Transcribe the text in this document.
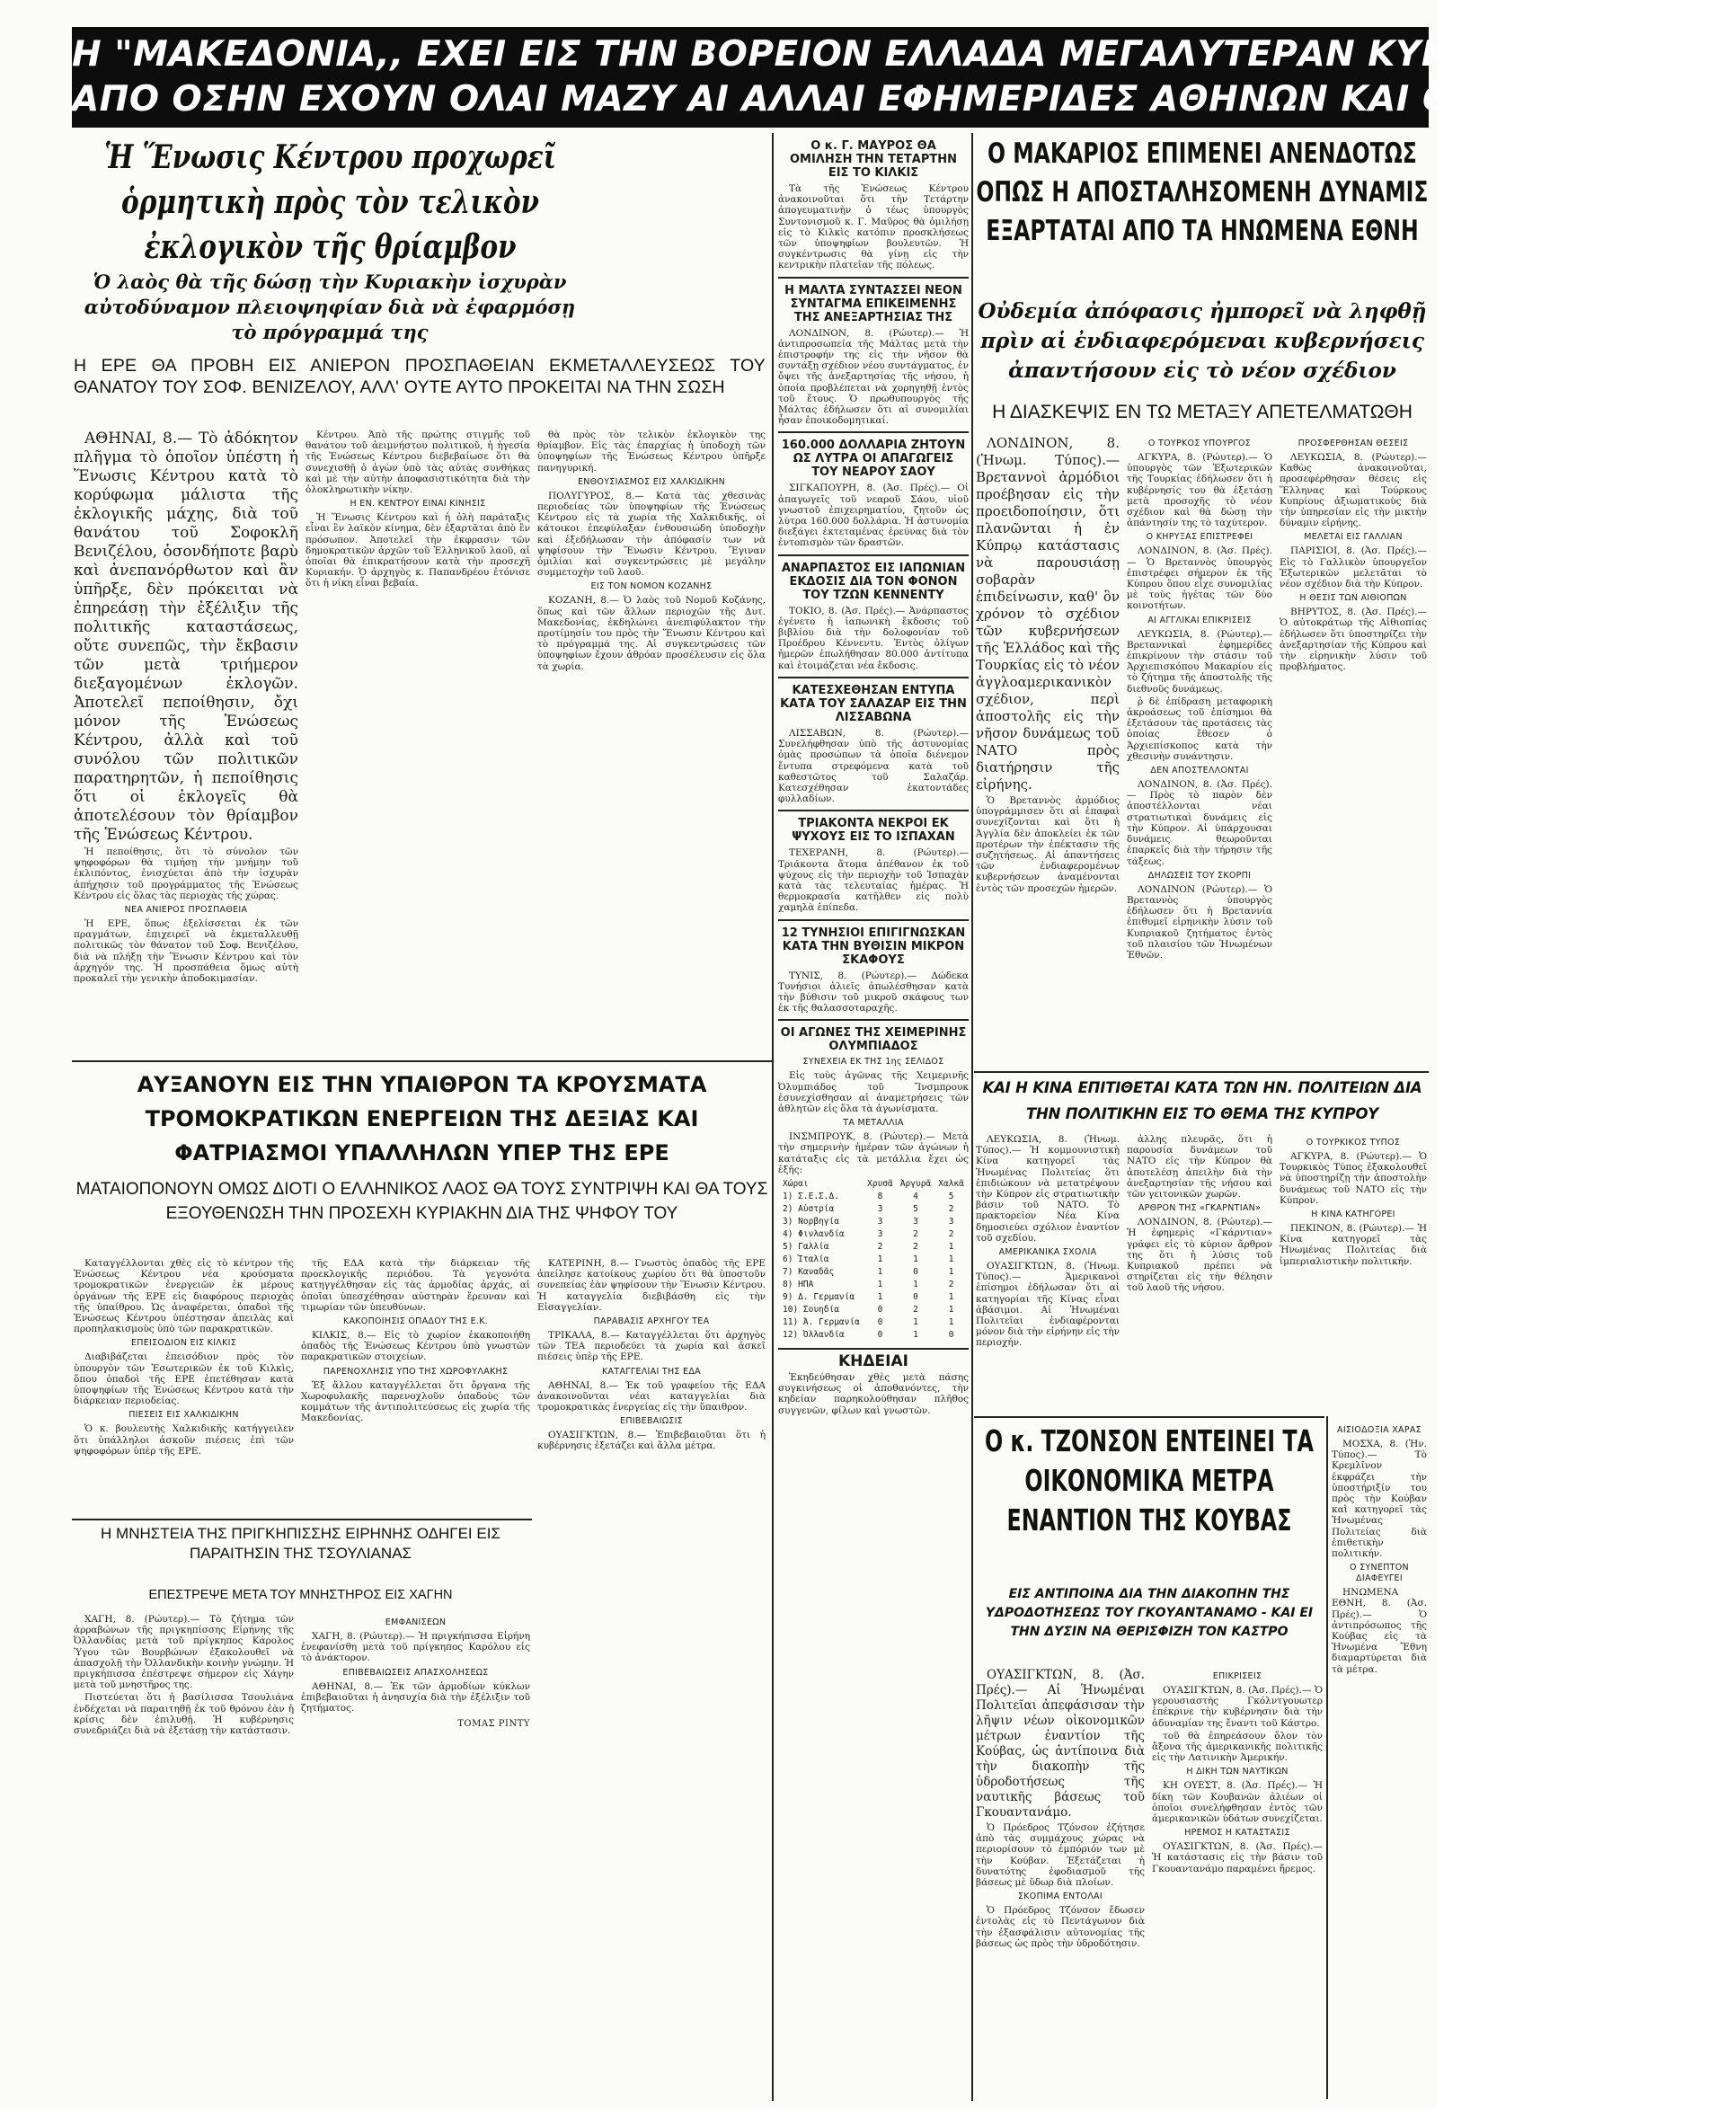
Η "ΜΑΚΕΔΟΝΙΑ,, ΕΧΕΙ ΕΙΣ ΤΗΝ ΒΟΡΕΙΟΝ ΕΛΛΑΔΑ ΜΕΓΑΛΥΤΕΡΑΝ ΚΥΚΛΟΦΟΡΙΑΝ
ΑΠΟ ΟΣΗΝ ΕΧΟΥΝ ΟΛΑΙ ΜΑΖΥ ΑΙ ΑΛΛΑΙ ΕΦΗΜΕΡΙΔΕΣ ΑΘΗΝΩΝ ΚΑΙ ΘΕΣΣΑΛΟΝΙΚΗΣ
Ἡ Ἕνωσις Κέντρου προχωρεῖ ὁρμητικὴ πρὸς τὸν τελικὸν ἐκλογικὸν τῆς θρίαμβον
Ὁ λαὸς θὰ τῆς δώσῃ τὴν Κυριακὴν ἰσχυρὰν αὐτοδύναμον πλειοψηφίαν διὰ νὰ ἐφαρμόσῃ τὸ πρόγραμμά της
Η ΕΡΕ ΘΑ ΠΡΟΒΗ ΕΙΣ ΑΝΙΕΡΟΝ ΠΡΟΣΠΑΘΕΙΑΝ ΕΚΜΕΤΑΛΛΕΥΣΕΩΣ ΤΟΥ ΘΑΝΑΤΟΥ ΤΟΥ ΣΟΦ. ΒΕΝΙΖΕΛΟΥ, ΑΛΛ' ΟΥΤΕ ΑΥΤΟ ΠΡΟΚΕΙΤΑΙ ΝΑ ΤΗΝ ΣΩΣΗ

ΑΘΗΝΑΙ, 8.— Τὸ ἀδόκητον πλῆγμα τὸ ὁποῖον ὑπέστη ἡ Ἕνωσις Κέντρου κατὰ τὸ κορύφωμα μάλιστα τῆς ἐκλογικῆς μάχης, διὰ τοῦ θανάτου τοῦ Σοφοκλῆ Βενιζέλου, ὁσονδήποτε βαρὺ καὶ ἀνεπανόρθωτον καὶ ἂν ὑπῆρξε, δὲν πρόκειται νὰ ἐπηρεάσῃ τὴν ἐξέλιξιν τῆς πολιτικῆς καταστάσεως, οὔτε συνεπῶς, τὴν ἔκβασιν τῶν μετὰ τριήμερον διεξαγομένων ἐκλογῶν. Ἀποτελεῖ πεποίθησιν, ὄχι μόνον τῆς Ἑνώσεως Κέντρου, ἀλλὰ καὶ τοῦ συνόλου τῶν πολιτικῶν παρατηρητῶν, ἡ πεποίθησις ὅτι οἱ ἐκλογεῖς θὰ ἀποτελέσουν τὸν θρίαμβον τῆς Ἑνώσεως Κέντρου.

Ἡ πεποίθησις, ὅτι τὸ σύνολον τῶν ψηφοφόρων θὰ τιμήσῃ τὴν μνήμην τοῦ ἐκλιπόντος, ἐνισχύεται ἀπὸ τὴν ἰσχυρὰν ἀπήχησιν τοῦ προγράμματος τῆς Ἑνώσεως Κέντρου εἰς ὅλας τὰς περιοχὰς τῆς χώρας.

ΝΕΑ ΑΝΙΕΡΟΣ ΠΡΟΣΠΑΘΕΙΑ

Ἡ ΕΡΕ, ὅπως ἐξελίσσεται ἐκ τῶν πραγμάτων, ἐπιχειρεῖ νὰ ἐκμεταλλευθῇ πολιτικῶς τὸν θάνατον τοῦ Σοφ. Βενιζέλου, διὰ νὰ πλήξῃ τὴν Ἕνωσιν Κέντρου καὶ τὸν ἀρχηγόν της. Ἡ προσπάθεια ὅμως αὐτὴ προκαλεῖ τὴν γενικὴν ἀποδοκιμασίαν.

Κέντρου. Ἀπὸ τῆς πρώτης στιγμῆς τοῦ θανάτου τοῦ ἀειμνήστου πολιτικοῦ, ἡ ἡγεσία τῆς Ἑνώσεως Κέντρου διεβεβαίωσε ὅτι θὰ συνεχισθῇ ὁ ἀγὼν ὑπὸ τὰς αὐτὰς συνθήκας καὶ μὲ τὴν αὐτὴν ἀποφασιστικότητα διὰ τὴν ὁλοκληρωτικὴν νίκην.

Η ΕΝ. ΚΕΝΤΡΟΥ ΕΙΝΑΙ ΚΙΝΗΣΙΣ

Ἡ Ἕνωσις Κέντρου καὶ ἡ ὁλὴ παράταξις εἶναι ἓν λαϊκὸν κίνημα, δὲν ἐξαρτᾶται ἀπὸ ἓν πρόσωπον. Ἀποτελεῖ τὴν ἐκφρασιν τῶν δημοκρατικῶν ἀρχῶν τοῦ Ἑλληνικοῦ λαοῦ, αἱ ὁποῖαι θὰ ἐπικρατήσουν κατὰ τὴν προσεχῆ Κυριακήν. Ὁ ἀρχηγὸς κ. Παπανδρέου ἐτόνισε ὅτι ἡ νίκη εἶναι βεβαία.

θὰ πρὸς τὸν τελικὸν ἐκλογικὸν της θρίαμβον. Εἰς τὰς ἐπαρχίας ἡ ὑποδοχὴ τῶν ὑποψηφίων τῆς Ἑνώσεως Κέντρου ὑπῆρξε πανηγυρική.

ΕΝΘΟΥΣΙΑΣΜΟΣ ΕΙΣ ΧΑΛΚΙΔΙΚΗΝ

ΠΟΛΥΓΥΡΟΣ, 8.— Κατὰ τὰς χθεσινὰς περιοδείας τῶν ὑποψηφίων τῆς Ἑνώσεως Κέντρου εἰς τὰ χωρία τῆς Χαλκιδικῆς, οἱ κάτοικοι ἐπεφύλαξαν ἐνθουσιώδη ὑποδοχὴν καὶ ἐξεδήλωσαν τὴν ἀπόφασίν των νὰ ψηφίσουν τὴν Ἕνωσιν Κέντρου. Ἔγιναν ὁμιλίαι καὶ συγκεντρώσεις μὲ μεγάλην συμμετοχὴν τοῦ λαοῦ.

ΕΙΣ ΤΟΝ ΝΟΜΟΝ ΚΟΖΑΝΗΣ

ΚΟΖΑΝΗ, 8.— Ὁ λαὸς τοῦ Νομοῦ Κοζάνης, ὅπως καὶ τῶν ἄλλων περιοχῶν τῆς Δυτ. Μακεδονίας, ἐκδηλώνει ἀνεπιφύλακτον τὴν προτίμησίν του πρὸς τὴν Ἕνωσιν Κέντρου καὶ τὸ πρόγραμμά της. Αἱ συγκεντρώσεις τῶν ὑποψηφίων ἔχουν ἀθρόαν προσέλευσιν εἰς ὅλα τὰ χωρία.

ΑΥΞΑΝΟΥΝ ΕΙΣ ΤΗΝ ΥΠΑΙΘΡΟΝ ΤΑ ΚΡΟΥΣΜΑΤΑ ΤΡΟΜΟΚΡΑΤΙΚΩΝ ΕΝΕΡΓΕΙΩΝ ΤΗΣ ΔΕΞΙΑΣ ΚΑΙ ΦΑΤΡΙΑΣΜΟΙ ΥΠΑΛΛΗΛΩΝ ΥΠΕΡ ΤΗΣ ΕΡΕ
ΜΑΤΑΙΟΠΟΝΟΥΝ ΟΜΩΣ ΔΙΟΤΙ Ο ΕΛΛΗΝΙΚΟΣ ΛΑΟΣ ΘΑ ΤΟΥΣ ΣΥΝΤΡΙΨΗ ΚΑΙ ΘΑ ΤΟΥΣ ΕΞΟΥΘΕΝΩΣΗ ΤΗΝ ΠΡΟΣΕΧΗ ΚΥΡΙΑΚΗΝ ΔΙΑ ΤΗΣ ΨΗΦΟΥ ΤΟΥ

Καταγγέλλονται χθὲς εἰς τὸ κέντρον τῆς Ἑνώσεως Κέντρου νέα κρούσματα τρομοκρατικῶν ἐνεργειῶν ἐκ μέρους ὀργάνων τῆς ΕΡΕ εἰς διαφόρους περιοχὰς τῆς ὑπαίθρου. Ὡς ἀναφέρεται, ὀπαδοὶ τῆς Ἑνώσεως Κέντρου ὑπέστησαν ἀπειλὰς καὶ προπηλακισμοὺς ὑπὸ τῶν παρακρατικῶν.

ΕΠΕΙΣΟΔΙΟΝ ΕΙΣ ΚΙΛΚΙΣ

Διαβιβάζεται ἐπεισόδιον πρὸς τὸν ὑπουργὸν τῶν Ἐσωτερικῶν ἐκ τοῦ Κιλκὶς, ὅπου ὀπαδοὶ τῆς ΕΡΕ ἐπετέθησαν κατὰ ὑποψηφίων τῆς Ἑνώσεως Κέντρου κατὰ τὴν διάρκειαν περιοδείας.

ΠΙΕΣΕΙΣ ΕΙΣ ΧΑΛΚΙΔΙΚΗΝ

Ὁ κ. βουλευτὴς Χαλκιδικῆς κατήγγειλεν ὅτι ὑπάλληλοι ἀσκοῦν πιέσεις ἐπὶ τῶν ψηφοφόρων ὑπὲρ τῆς ΕΡΕ.

τῆς ΕΔΑ κατὰ τὴν διάρκειαν τῆς προεκλογικῆς περιόδου. Τὰ γεγονότα κατηγγέλθησαν εἰς τὰς ἀρμοδίας ἀρχάς, αἱ ὁποῖαι ὑπεσχέθησαν αὐστηρὰν ἔρευναν καὶ τιμωρίαν τῶν ὑπευθύνων.

ΚΑΚΟΠΟΙΗΣΙΣ ΟΠΑΔΟΥ ΤΗΣ Ε.Κ.

ΚΙΛΚΙΣ, 8.— Εἰς τὸ χωρίον ἐκακοποιήθη ὀπαδὸς τῆς Ἑνώσεως Κέντρου ὑπὸ γνωστῶν παρακρατικῶν στοιχείων.

ΠΑΡΕΝΟΧΛΗΣΙΣ ΥΠΟ ΤΗΣ ΧΩΡΟΦΥΛΑΚΗΣ

Ἐξ ἄλλου καταγγέλλεται ὅτι ὄργανα τῆς Χωροφυλακῆς παρενοχλοῦν ὀπαδοὺς τῶν κομμάτων τῆς ἀντιπολιτεύσεως εἰς χωρία τῆς Μακεδονίας.

ΚΑΤΕΡΙΝΗ, 8.— Γνωστὸς ὀπαδὸς τῆς ΕΡΕ ἀπείλησε κατοίκους χωρίου ὅτι θὰ ὑποστοῦν συνεπείας ἐὰν ψηφίσουν τὴν Ἕνωσιν Κέντρου. Ἡ καταγγελία διεβιβάσθη εἰς τὴν Εἰσαγγελίαν.

ΠΑΡΑΒΑΣΙΣ ΑΡΧΗΓΟΥ ΤΕΑ

ΤΡΙΚΑΛΑ, 8.— Καταγγέλλεται ὅτι ἀρχηγὸς τῶν ΤΕΑ περιοδεύει τὰ χωρία καὶ ἀσκεῖ πιέσεις ὑπὲρ τῆς ΕΡΕ.

ΚΑΤΑΓΓΕΛΙΑΙ ΤΗΣ ΕΔΑ

ΑΘΗΝΑΙ, 8.— Ἐκ τοῦ γραφείου τῆς ΕΔΑ ἀνακοινοῦνται νέαι καταγγελίαι διὰ τρομοκρατικὰς ἐνεργείας εἰς τὴν ὕπαιθρον.

ΕΠΙΒΕΒΑΙΩΣΙΣ

ΟΥΑΣΙΓΚΤΩΝ, 8.— Ἐπιβεβαιοῦται ὅτι ἡ κυβέρνησις ἐξετάζει καὶ ἄλλα μέτρα.

Η ΜΝΗΣΤΕΙΑ ΤΗΣ ΠΡΙΓΚΗΠΙΣΣΗΣ ΕΙΡΗΝΗΣ ΟΔΗΓΕΙ ΕΙΣ ΠΑΡΑΙΤΗΣΙΝ ΤΗΣ ΤΣΟΥΛΙΑΝΑΣ
ΕΠΕΣΤΡΕΨΕ ΜΕΤΑ ΤΟΥ ΜΝΗΣΤΗΡΟΣ ΕΙΣ ΧΑΓΗΝ

ΧΑΓΗ, 8. (Ρώυτερ).— Τὸ ζήτημα τῶν ἀρραβώνων τῆς πριγκηπίσσης Εἰρήνης τῆς Ὀλλανδίας μετὰ τοῦ πρίγκηπος Κάρολος Ὑγου τῶν Βουρβώνων ἐξακολουθεῖ νὰ ἀπασχολῇ τὴν Ὀλλανδικὴν κοινὴν γνώμην. Ἡ πριγκήπισσα ἐπέστρεψε σήμερον εἰς Χάγην μετὰ τοῦ μνηστῆρος της.

Πιστεύεται ὅτι ἡ βασίλισσα Τσουλιάνα ἐνδέχεται νὰ παραιτηθῇ ἐκ τοῦ θρόνου ἐὰν ἡ κρίσις δὲν ἐπιλυθῇ. Ἡ κυβέρνησις συνεδριάζει διὰ νὰ ἐξετάσῃ τὴν κατάστασιν.

ΕΜΦΑΝΙΣΕΩΝ

ΧΑΓΗ, 8. (Ρώυτερ).— Ἡ πριγκήπισσα Εἰρήνη ἐνεφανίσθη μετὰ τοῦ πρίγκηπος Καρόλου εἰς τὸ ἀνάκτορον.

ΕΠΙΒΕΒΑΙΩΣΕΙΣ ΑΠΑΣΧΟΛΗΣΕΩΣ

ΑΘΗΝΑΙ, 8.— Ἐκ τῶν ἁρμοδίων κύκλων ἐπιβεβαιοῦται ἡ ἀνησυχία διὰ τὴν ἐξέλιξιν τοῦ ζητήματος.

ΤΟΜΑΣ ΡΙΝΤΥ
Ο κ. Γ. ΜΑΥΡΟΣ ΘΑ ΟΜΙΛΗΣΗ ΤΗΝ ΤΕΤΑΡΤΗΝ ΕΙΣ ΤΟ ΚΙΛΚΙΣ

Τὰ τῆς Ἑνώσεως Κέντρου ἀνακοινοῦται ὅτι τὴν Τετάρτην ἀπογευματινὴν ὁ τέως ὑπουργὸς Συντονισμοῦ κ. Γ. Μαῦρος θὰ ὁμιλήσῃ εἰς τὸ Κιλκὶς κατόπιν προσκλήσεως τῶν ὑποψηφίων βουλευτῶν. Ἡ συγκέντρωσις θὰ γίνῃ εἰς τὴν κεντρικὴν πλατεῖαν τῆς πόλεως.

Η ΜΑΛΤΑ ΣΥΝΤΑΣΣΕΙ ΝΕΟΝ ΣΥΝΤΑΓΜΑ ΕΠΙΚΕΙΜΕΝΗΣ ΤΗΣ ΑΝΕΞΑΡΤΗΣΙΑΣ ΤΗΣ

ΛΟΝΔΙΝΟΝ, 8. (Ρώυτερ).— Ἡ ἀντιπροσωπεία τῆς Μάλτας μετὰ τὴν ἐπιστροφήν της εἰς τὴν νῆσον θὰ συντάξῃ σχέδιον νέου συντάγματος, ἐν ὄψει τῆς ἀνεξαρτησίας τῆς νήσου, ἡ ὁποία προβλέπεται νὰ χορηγηθῇ ἐντὸς τοῦ ἔτους. Ὁ πρωθυπουργὸς τῆς Μάλτας ἐδήλωσεν ὅτι αἱ συνομιλίαι ἦσαν ἐποικοδομητικαί.

160.000 ΔΟΛΛΑΡΙΑ ΖΗΤΟΥΝ ΩΣ ΛΥΤΡΑ ΟΙ ΑΠΑΓΩΓΕΙΣ ΤΟΥ ΝΕΑΡΟΥ ΣΑΟΥ

ΣΙΓΚΑΠΟΥΡΗ, 8. (Ἀσ. Πρές).— Οἱ ἀπαγωγεῖς τοῦ νεαροῦ Σάου, υἱοῦ γνωστοῦ ἐπιχειρηματίου, ζητοῦν ὡς λύτρα 160.000 δολλάρια. Ἡ ἀστυνομία διεξάγει ἐκτεταμένας ἐρεύνας διὰ τὸν ἐντοπισμὸν τῶν δραστῶν.

ΑΝΑΡΠΑΣΤΟΣ ΕΙΣ ΙΑΠΩΝΙΑΝ ΕΚΔΟΣΙΣ ΔΙΑ ΤΟΝ ΦΟΝΟΝ ΤΟΥ ΤΖΩΝ ΚΕΝΝΕΝΤΥ

ΤΟΚΙΟ, 8. (Ἀσ. Πρές).— Ἀνάρπαστος ἐγένετο ἡ ἰαπωνικὴ ἔκδοσις τοῦ βιβλίου διὰ τὴν δολοφονίαν τοῦ Προέδρου Κέννεντυ. Ἐντὸς ὀλίγων ἡμερῶν ἐπωλήθησαν 80.000 ἀντίτυπα καὶ ἑτοιμάζεται νέα ἔκδοσις.

ΚΑΤΕΣΧΕΘΗΣΑΝ ΕΝΤΥΠΑ ΚΑΤΑ ΤΟΥ ΣΑΛΑΖΑΡ ΕΙΣ ΤΗΝ ΛΙΣΣΑΒΩΝΑ

ΛΙΣΣΑΒΩΝ, 8. (Ρώυτερ).— Συνελήφθησαν ὑπὸ τῆς ἀστυνομίας ὁμὰς προσώπων τὰ ὁποῖα διένεμον ἔντυπα στρεφόμενα κατὰ τοῦ καθεστῶτος τοῦ Σαλαζάρ. Κατεσχέθησαν ἑκατοντάδες φυλλαδίων.

ΤΡΙΑΚΟΝΤΑ ΝΕΚΡΟΙ ΕΚ ΨΥΧΟΥΣ ΕΙΣ ΤΟ ΙΣΠΑΧΑΝ

ΤΕΧΕΡΑΝΗ, 8. (Ρώυτερ).— Τριάκοντα ἄτομα ἀπέθανον ἐκ τοῦ ψύχους εἰς τὴν περιοχὴν τοῦ Ἰσπαχὰν κατὰ τὰς τελευταίας ἡμέρας. Ἡ θερμοκρασία κατῆλθεν εἰς πολὺ χαμηλὰ ἐπίπεδα.

12 ΤΥΝΗΣΙΟΙ ΕΠΙΓΙΓΝΩΣΚΑΝ ΚΑΤΑ ΤΗΝ ΒΥΘΙΣΙΝ ΜΙΚΡΟΝ ΣΚΑΦΟΥΣ

ΤΥΝΙΣ, 8. (Ρώυτερ).— Δώδεκα Τυνήσιοι ἁλιεῖς ἀπωλέσθησαν κατὰ τὴν βύθισιν τοῦ μικροῦ σκάφους των ἐκ τῆς θαλασσοταραχῆς.

ΟΙ ΑΓΩΝΕΣ ΤΗΣ ΧΕΙΜΕΡΙΝΗΣ ΟΛΥΜΠΙΑΔΟΣ
ΣΥΝΕΧΕΙΑ ΕΚ ΤΗΣ 1ης ΣΕΛΙΔΟΣ

Εἰς τοὺς ἀγῶνας τῆς Χειμερινῆς Ὀλυμπιάδος τοῦ Ἴνσμπρουκ ἐσυνεχίσθησαν αἱ ἀναμετρήσεις τῶν ἀθλητῶν εἰς ὅλα τὰ ἀγωνίσματα.

ΤΑ ΜΕΤΑΛΛΙΑ

ΙΝΣΜΠΡΟΥΚ, 8. (Ρώυτερ).— Μετὰ τὴν σημερινὴν ἡμέραν τῶν ἀγώνων ἡ κατάταξις εἰς τὰ μετάλλια ἔχει ὡς ἑξῆς:

Χώραι	Χρυσᾶ	Ἀργυρᾶ	Χαλκᾶ
1) Σ.Ε.Σ.Δ.	8	4	5
2) Αὐστρία	3	5	2
3) Νορβηγία	3	3	3
4) Φινλανδία	3	2	2
5) Γαλλία	2	2	1
6) Ἰταλία	1	1	1
7) Καναδᾶς	1	0	1
8) ΗΠΑ	1	1	2
9) Δ. Γερμανία	1	0	1
10) Σουηδία	0	2	1
11) Ἀ. Γερμανία	0	1	1
12) Ὀλλανδία	0	1	0
ΚΗΔΕΙΑΙ

Ἐκηδεύθησαν χθὲς μετὰ πάσης συγκινήσεως οἱ ἀποθανόντες, τὴν κηδείαν παρηκολούθησαν πλῆθος συγγενῶν, φίλων καὶ γνωστῶν.

Ο ΜΑΚΑΡΙΟΣ ΕΠΙΜΕΝΕΙ ΑΝΕΝΔΟΤΩΣ ΟΠΩΣ Η ΑΠΟΣΤΑΛΗΣΟΜΕΝΗ ΔΥΝΑΜΙΣ ΕΞΑΡΤΑΤΑΙ ΑΠΟ ΤΑ ΗΝΩΜΕΝΑ ΕΘΝΗ
Οὐδεμία ἀπόφασις ἠμπορεῖ νὰ ληφθῇ πρὶν αἱ ἐνδιαφερόμεναι κυβερνήσεις ἀπαντήσουν εἰς τὸ νέον σχέδιον
Η ΔΙΑΣΚΕΨΙΣ ΕΝ ΤΩ ΜΕΤΑΞΥ ΑΠΕΤΕΛΜΑΤΩΘΗ

ΛΟΝΔΙΝΟΝ, 8. (Ἡνωμ. Τύπος).— Βρεταννοὶ ἁρμόδιοι προέβησαν εἰς τὴν προειδοποίησιν, ὅτι πλανῶνται ἡ ἐν Κύπρῳ κατάστασις νὰ παρουσιάσῃ σοβαρὰν ἐπιδείνωσιν, καθ' ὃν χρόνον τὸ σχέδιον τῶν κυβερνήσεων τῆς Ἑλλάδος καὶ τῆς Τουρκίας εἰς τὸ νέον ἀγγλοαμερικανικὸν σχέδιον, περὶ ἀποστολῆς εἰς τὴν νῆσον δυνάμεως τοῦ ΝΑΤΟ πρὸς διατήρησιν τῆς εἰρήνης.

Ὁ Βρεταννὸς ἁρμόδιος ὑπογράμμισεν ὅτι αἱ ἐπαφαὶ συνεχίζονται καὶ ὅτι ἡ Ἀγγλία δὲν ἀποκλείει ἐκ τῶν προτέρων τὴν ἐπέκτασιν τῆς συζητήσεως. Αἱ ἀπαντήσεις τῶν ἐνδιαφερομένων κυβερνήσεων ἀναμένονται ἐντὸς τῶν προσεχῶν ἡμερῶν.

Ο ΤΟΥΡΚΟΣ ΥΠΟΥΡΓΟΣ

ΑΓΚΥΡΑ, 8. (Ρώυτερ).— Ὁ ὑπουργὸς τῶν Ἐξωτερικῶν τῆς Τουρκίας ἐδήλωσεν ὅτι ἡ κυβέρνησίς του θὰ ἐξετάσῃ μετὰ προσοχῆς τὸ νέον σχέδιον καὶ θὰ δώσῃ τὴν ἀπάντησίν της τὸ ταχύτερον.

Ο ΚΗΡΥΞΑΣ ΕΠΙΣΤΡΕΦΕΙ

ΛΟΝΔΙΝΟΝ, 8. (Ἀσ. Πρές).— Ὁ Βρεταννὸς ὑπουργὸς ἐπιστρέφει σήμερον ἐκ τῆς Κύπρου ὅπου εἶχε συνομιλίας μὲ τοὺς ἡγέτας τῶν δύο κοινοτήτων.

ΑΙ ΑΓΓΛΙΚΑΙ ΕΠΙΚΡΙΣΕΙΣ

ΛΕΥΚΩΣΙΑ, 8. (Ρώυτερ).— Βρεταννικαὶ ἐφημερίδες ἐπικρίνουν τὴν στάσιν τοῦ Ἀρχιεπισκόπου Μακαρίου εἰς τὸ ζήτημα τῆς ἀποστολῆς τῆς διεθνοῦς δυνάμεως.

ῥ δὲ ἐπίδραση μεταφορικὴ ἀκροάσεως τοῦ ἐπίσημοι θὰ ἐξετάσουν τὰς προτάσεις τὰς ὁποίας ἔθεσεν ὁ Ἀρχιεπίσκοπος κατὰ τὴν χθεσινὴν συνάντησιν.

ΔΕΝ ΑΠΟΣΤΕΛΛΟΝΤΑΙ

ΛΟΝΔΙΝΟΝ, 8. (Ἀσ. Πρές).— Πρὸς τὸ παρὸν δὲν ἀποστέλλονται νέαι στρατιωτικαὶ δυνάμεις εἰς τὴν Κύπρον. Αἱ ὑπάρχουσαι δυνάμεις θεωροῦνται ἐπαρκεῖς διὰ τὴν τήρησιν τῆς τάξεως.

ΔΗΛΩΣΕΙΣ ΤΟΥ ΣΚΟΡΠΙ

ΛΟΝΔΙΝΟΝ (Ρώυτερ).— Ὁ Βρεταννὸς ὑπουργὸς ἐδήλωσεν ὅτι ἡ Βρεταννία ἐπιθυμεῖ εἰρηνικὴν λύσιν τοῦ Κυπριακοῦ ζητήματος ἐντὸς τοῦ πλαισίου τῶν Ἡνωμένων Ἐθνῶν.

ΠΡΟΣΦΕΡΘΗΣΑΝ ΘΕΣΕΙΣ

ΛΕΥΚΩΣΙΑ, 8. (Ρώυτερ).— Καθὼς ἀνακοινοῦται, προσεφέρθησαν θέσεις εἰς Ἕλληνας καὶ Τούρκους Κυπρίους ἀξιωματικοὺς διὰ τὴν ὑπηρεσίαν εἰς τὴν μικτὴν δύναμιν εἰρήνης.

ΜΕΛΕΤΑΙ ΕΙΣ ΓΑΛΛΙΑΝ

ΠΑΡΙΣΙΟΙ, 8. (Ἀσ. Πρές).— Εἰς τὸ Γαλλικὸν ὑπουργεῖον Ἐξωτερικῶν μελετᾶται τὸ νέον σχέδιον διὰ τὴν Κύπρον.

Η ΘΕΣΙΣ ΤΩΝ ΑΙΘΙΟΠΩΝ

ΒΗΡΥΤΟΣ, 8. (Ἀσ. Πρές).— Ὁ αὐτοκράτωρ τῆς Αἰθιοπίας ἐδήλωσεν ὅτι ὑποστηρίζει τὴν ἀνεξαρτησίαν τῆς Κύπρου καὶ τὴν εἰρηνικὴν λύσιν τοῦ προβλήματος.

ΚΑΙ Η ΚΙΝΑ ΕΠΙΤΙΘΕΤΑΙ ΚΑΤΑ ΤΩΝ ΗΝ. ΠΟΛΙΤΕΙΩΝ ΔΙΑ ΤΗΝ ΠΟΛΙΤΙΚΗΝ ΕΙΣ ΤΟ ΘΕΜΑ ΤΗΣ ΚΥΠΡΟΥ

ΛΕΥΚΩΣΙΑ, 8. (Ἡνωμ. Τύπος).— Ἡ κομμουνιστικὴ Κίνα κατηγορεῖ τὰς Ἡνωμένας Πολιτείας ὅτι ἐπιδιώκουν νὰ μετατρέψουν τὴν Κύπρον εἰς στρατιωτικὴν βάσιν τοῦ ΝΑΤΟ. Τὸ πρακτορεῖον Νέα Κίνα δημοσιεύει σχόλιον ἐναντίον τοῦ σχεδίου.

ΑΜΕΡΙΚΑΝΙΚΑ ΣΧΟΛΙΑ

ΟΥΑΣΙΓΚΤΩΝ, 8. (Ἡνωμ. Τύπος).— Ἀμερικανοὶ ἐπίσημοι ἐδήλωσαν ὅτι αἱ κατηγορίαι τῆς Κίνας εἶναι ἀβάσιμοι. Αἱ Ἡνωμέναι Πολιτεῖαι ἐνδιαφέρονται μόνον διὰ τὴν εἰρήνην εἰς τὴν περιοχήν.

ἀλλης πλευρᾶς, ὅτι ἡ παρουσία δυνάμεων τοῦ ΝΑΤΟ εἰς τὴν Κύπρον θὰ ἀποτελέσῃ ἀπειλὴν διὰ τὴν ἀνεξαρτησίαν τῆς νήσου καὶ τῶν γειτονικῶν χωρῶν.

ΑΡΘΡΟΝ ΤΗΣ «ΓΚΑΡΝΤΙΑΝ»

ΛΟΝΔΙΝΟΝ, 8. (Ρώυτερ).— Ἡ ἐφημερὶς «Γκάρντιαν» γράφει εἰς τὸ κύριον ἄρθρον της ὅτι ἡ λύσις τοῦ Κυπριακοῦ πρέπει νὰ στηρίζεται εἰς τὴν θέλησιν τοῦ λαοῦ τῆς νήσου.

Ο ΤΟΥΡΚΙΚΟΣ ΤΥΠΟΣ

ΑΓΚΥΡΑ, 8. (Ρώυτερ).— Ὁ Τουρκικὸς Τύπος ἐξακολουθεῖ νὰ ὑποστηρίζῃ τὴν ἀποστολὴν δυνάμεως τοῦ ΝΑΤΟ εἰς τὴν Κύπρον.

Η ΚΙΝΑ ΚΑΤΗΓΟΡΕΙ

ΠΕΚΙΝΟΝ, 8. (Ρώυτερ).— Ἡ Κίνα κατηγορεῖ τὰς Ἡνωμένας Πολιτείας διὰ ἰμπεριαλιστικὴν πολιτικήν.

Ο κ. ΤΖΟΝΣΟΝ ΕΝΤΕΙΝΕΙ ΤΑ ΟΙΚΟΝΟΜΙΚΑ ΜΕΤΡΑ ΕΝΑΝΤΙΟΝ ΤΗΣ ΚΟΥΒΑΣ
ΕΙΣ ΑΝΤΙΠΟΙΝΑ ΔΙΑ ΤΗΝ ΔΙΑΚΟΠΗΝ ΤΗΣ ΥΔΡΟΔΟΤΗΣΕΩΣ ΤΟΥ ΓΚΟΥΑΝΤΑΝΑΜΟ - ΚΑΙ ΕΙ ΤΗΝ ΔΥΣΙΝ ΝΑ ΘΕΡΙΣΦΙΖΗ ΤΟΝ ΚΑΣΤΡΟ

ΟΥΑΣΙΓΚΤΩΝ, 8. (Ἀσ. Πρές).— Αἱ Ἡνωμέναι Πολιτεῖαι ἀπεφάσισαν τὴν λῆψιν νέων οἰκονομικῶν μέτρων ἐναντίον τῆς Κούβας, ὡς ἀντίποινα διὰ τὴν διακοπὴν τῆς ὑδροδοτήσεως τῆς ναυτικῆς βάσεως τοῦ Γκουαντανάμο.

Ὁ Πρόεδρος Τζόνσον ἐζήτησε ἀπὸ τὰς συμμάχους χώρας νὰ περιορίσουν τὸ ἐμπόριόν των μὲ τὴν Κούβαν. Ἐξετάζεται ἡ δυνατότης ἐφοδιασμοῦ τῆς βάσεως μὲ ὕδωρ διὰ πλοίων.

ΣΚΟΠΙΜΑ ΕΝΤΟΛΑΙ

Ὁ Πρόεδρος Τζόνσον ἔδωσεν ἐντολὰς εἰς τὸ Πεντάγωνον διὰ τὴν ἐξασφάλισιν αὐτονομίας τῆς βάσεως ὡς πρὸς τὴν ὑδροδότησιν.

ΕΠΙΚΡΙΣΕΙΣ

ΟΥΑΣΙΓΚΤΩΝ, 8. (Ἀσ. Πρές).— Ὁ γερουσιαστὴς Γκόλντγουωτερ ἐπέκρινε τὴν κυβέρνησιν διὰ τὴν ἀδυναμίαν της ἔναντι τοῦ Κάστρο.

τοῦ θὰ ἐπηρεάσουν ὅλον τὸν ἄξονα τῆς ἀμερικανικῆς πολιτικῆς εἰς τὴν Λατινικὴν Ἀμερικήν.

Η ΔΙΚΗ ΤΩΝ ΝΑΥΤΙΚΩΝ

ΚΗ ΟΥΕΣΤ, 8. (Ἀσ. Πρές).— Ἡ δίκη τῶν Κουβανῶν ἁλιέων οἱ ὁποῖοι συνελήφθησαν ἐντὸς τῶν ἀμερικανικῶν ὑδάτων συνεχίζεται.

ΗΡΕΜΟΣ Η ΚΑΤΑΣΤΑΣΙΣ

ΟΥΑΣΙΓΚΤΩΝ, 8. (Ἀσ. Πρές).— Ἡ κατάστασις εἰς τὴν βάσιν τοῦ Γκουαντανάμο παραμένει ἤρεμος.

ΑΙΣΙΟΔΟΞΙΑ ΧΑΡΑΣ

ΜΟΣΧΑ, 8. (Ἡν. Τύπος).— Τὸ Κρεμλῖνον ἐκφράζει τὴν ὑποστήριξίν του πρὸς τὴν Κούβαν καὶ κατηγορεῖ τὰς Ἡνωμένας Πολιτείας διὰ ἐπιθετικὴν πολιτικήν.

Ο ΣΥΝΕΠΤΟΝ ΔΙΑΦΕΥΓΕΙ

ΗΝΩΜΕΝΑ ΕΘΝΗ, 8. (Ἀσ. Πρές).— Ὁ ἀντιπρόσωπος τῆς Κούβας εἰς τὰ Ἡνωμένα Ἔθνη διαμαρτύρεται διὰ τὰ μέτρα.
